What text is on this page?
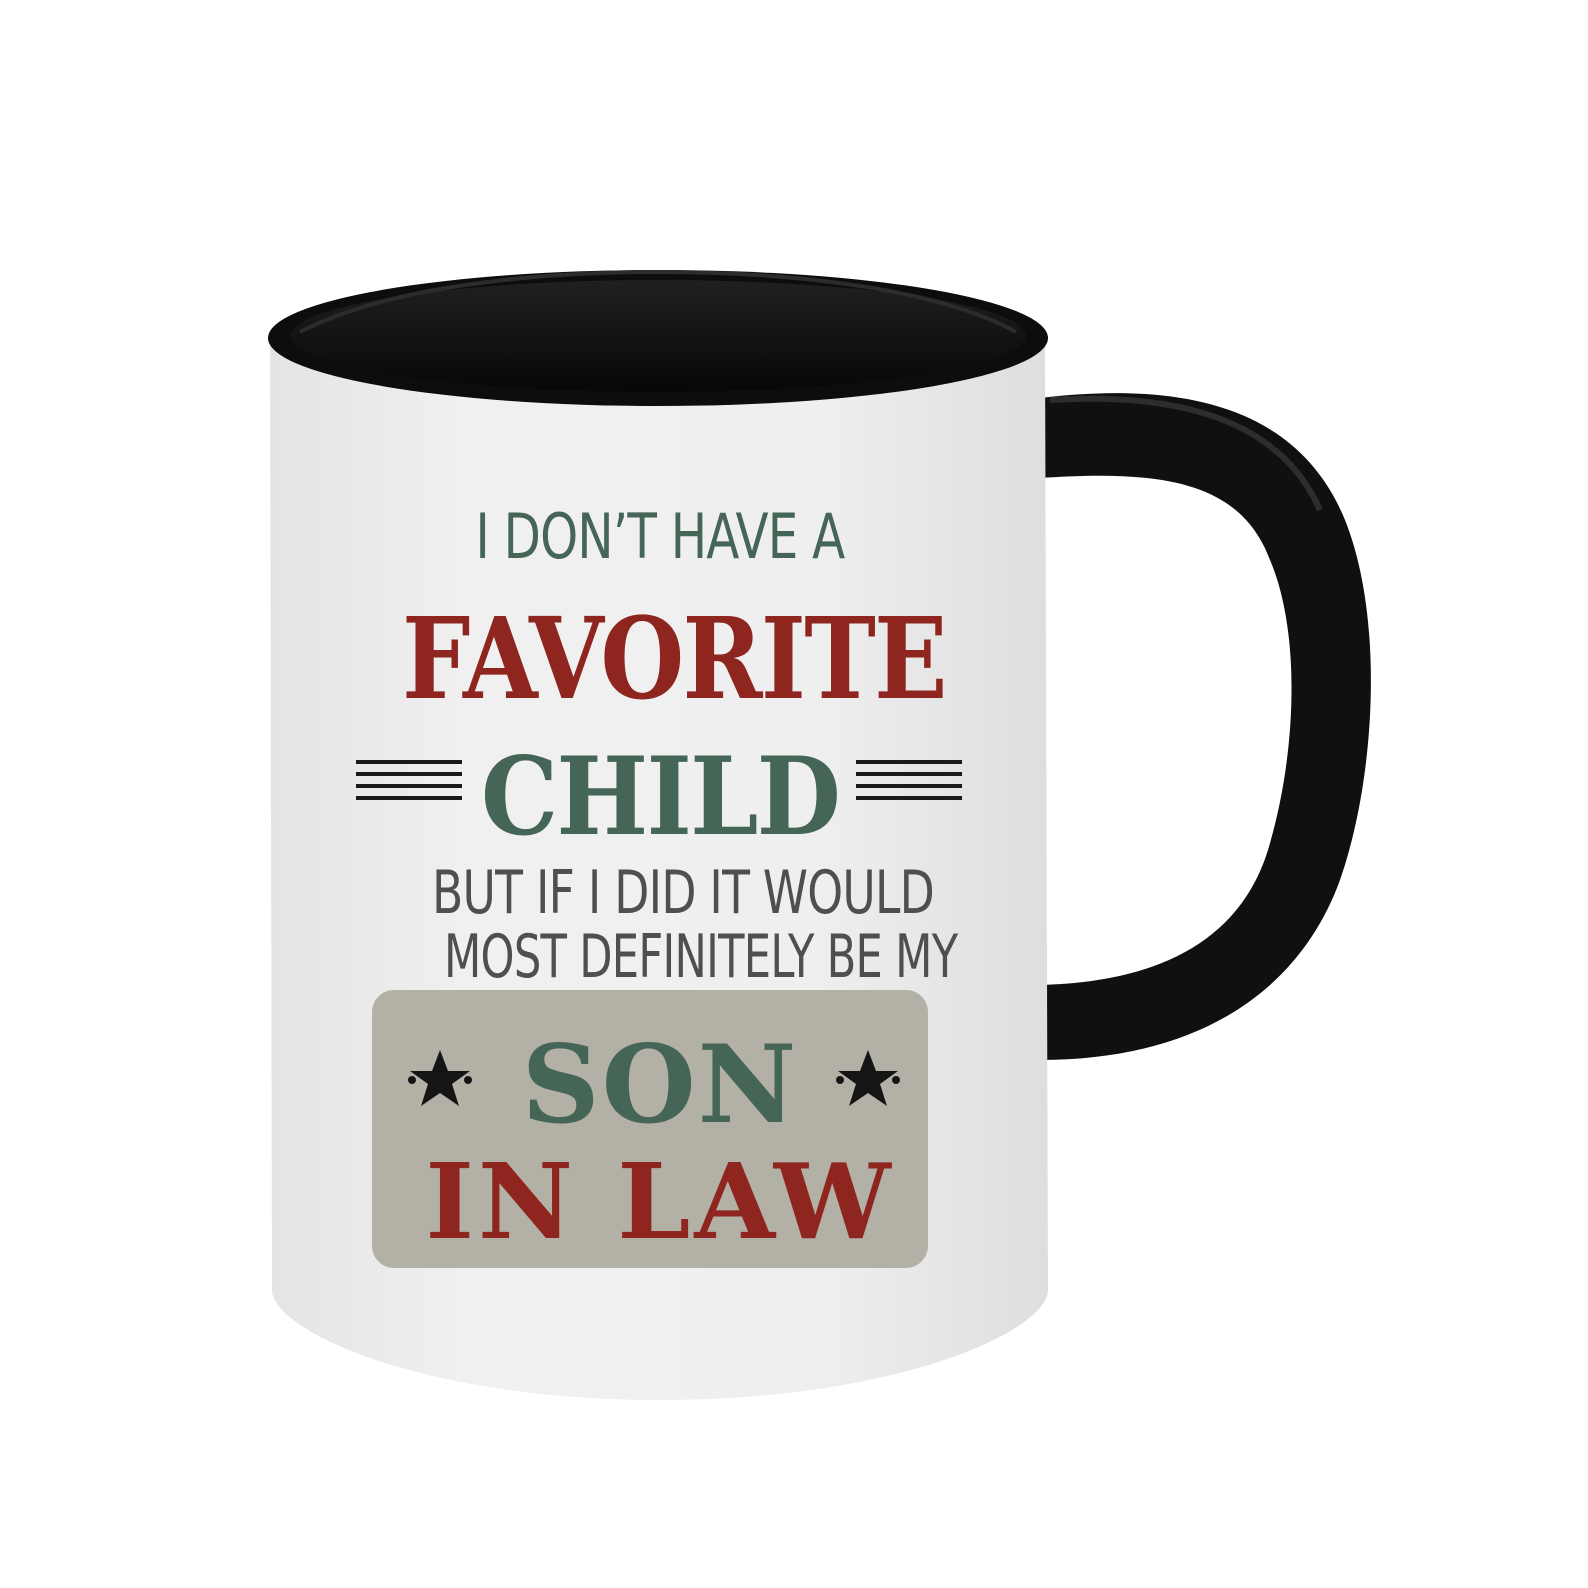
I DON’T HAVE A

FAVORITE

CHILD

BUT IF I DID IT WOULD

MOST DEFINITELY BE MY

SON

IN LAW
